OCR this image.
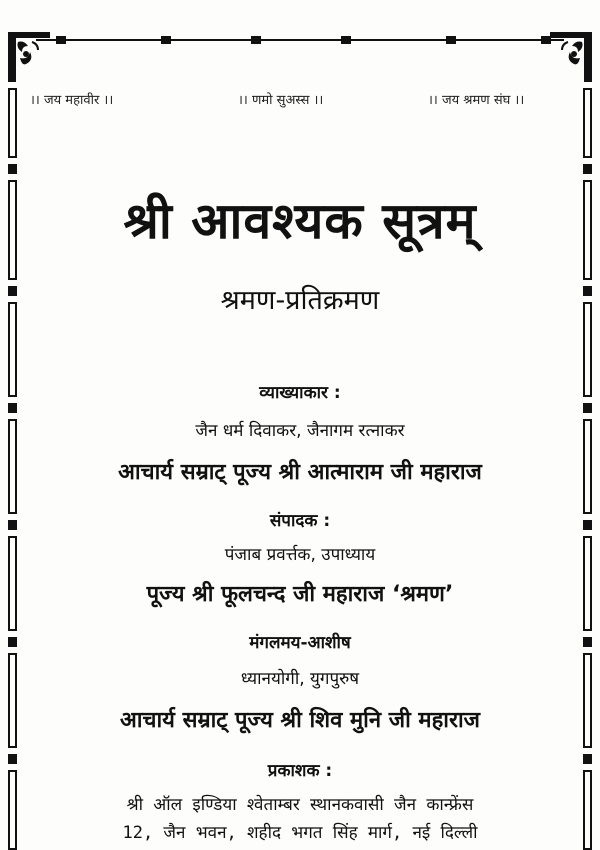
।। जय महावीर ।।	।। णमो सुअस्स ।।	।। जय श्रमण संघ ।।
श्री आवश्यक सूत्रम्
श्रमण-प्रतिक्रमण
व्याख्याकार :
जैन धर्म दिवाकर, जैनागम रत्नाकर
आचार्य सम्राट् पूज्य श्री आत्माराम जी महाराज
संपादक :
पंजाब प्रवर्त्तक, उपाध्याय
पूज्य श्री फूलचन्द जी महाराज ‘श्रमण’
मंगलमय-आशीष
ध्यानयोगी, युगपुरुष
आचार्य सम्राट् पूज्य श्री शिव मुनि जी महाराज
प्रकाशक :
श्री ऑल इण्डिया श्वेताम्बर स्थानकवासी जैन कान्फ्रेंस
12, जैन भवन, शहीद भगत सिंह मार्ग, नई दिल्ली
